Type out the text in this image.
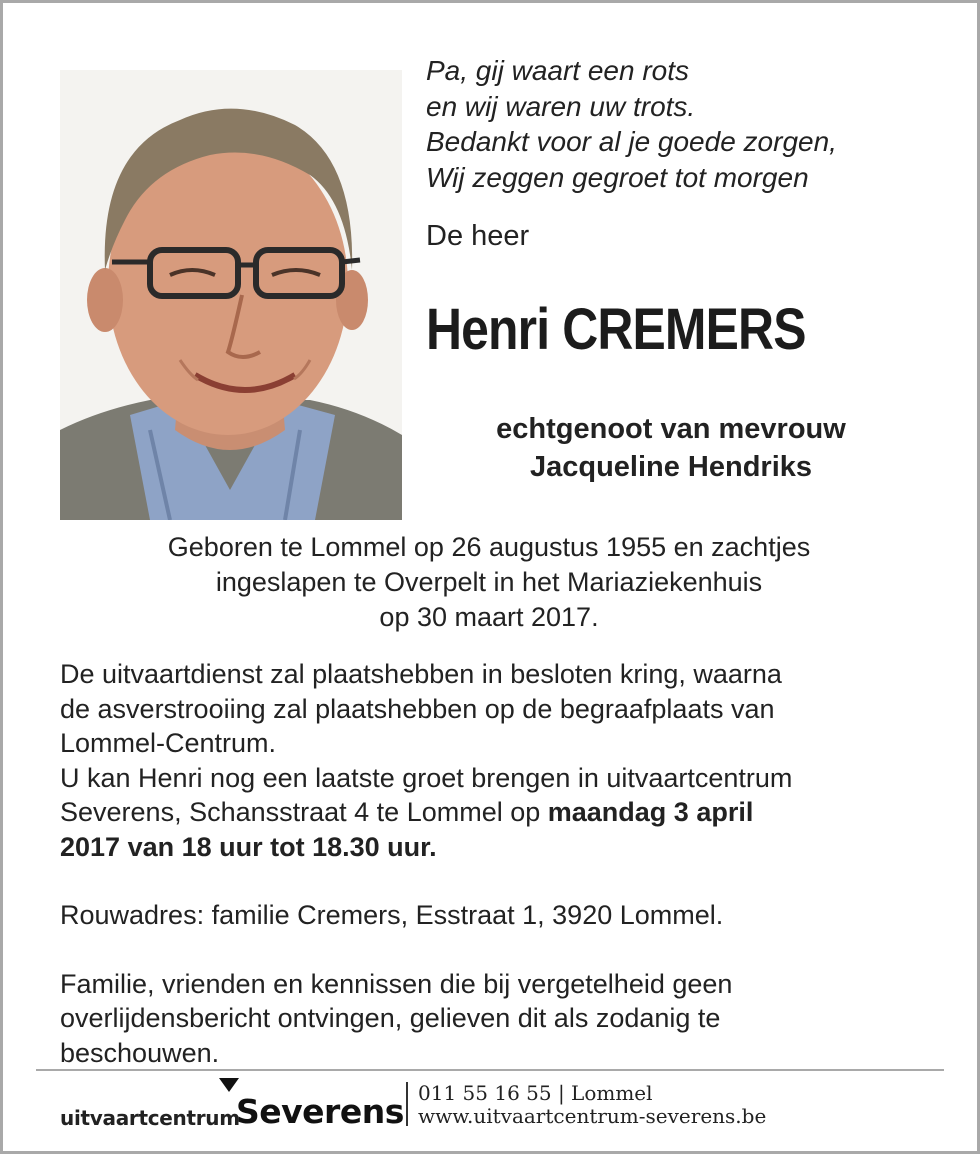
Pa, gij waart een rots
en wij waren uw trots.
Bedankt voor al je goede zorgen,
Wij zeggen gegroet tot morgen
De heer
Henri CREMERS
echtgenoot van mevrouw
Jacqueline Hendriks
Geboren te Lommel op 26 augustus 1955 en zachtjes
ingeslapen te Overpelt in het Mariaziekenhuis
op 30 maart 2017.

De uitvaartdienst zal plaatshebben in besloten kring, waarna
de asverstrooiing zal plaatshebben op de begraafplaats van
Lommel-Centrum.
U kan Henri nog een laatste groet brengen in uitvaartcentrum
Severens, Schansstraat 4 te Lommel op maandag 3 april
2017 van 18 uur tot 18.30 uur.

Rouwadres: familie Cremers, Esstraat 1, 3920 Lommel.

Familie, vrienden en kennissen die bij vergetelheid geen
overlijdensbericht ontvingen, gelieven dit als zodanig te
beschouwen.

uitvaartcentrum
Severens 011 55 16 55 | Lommel
www.uitvaartcentrum-severens.be
